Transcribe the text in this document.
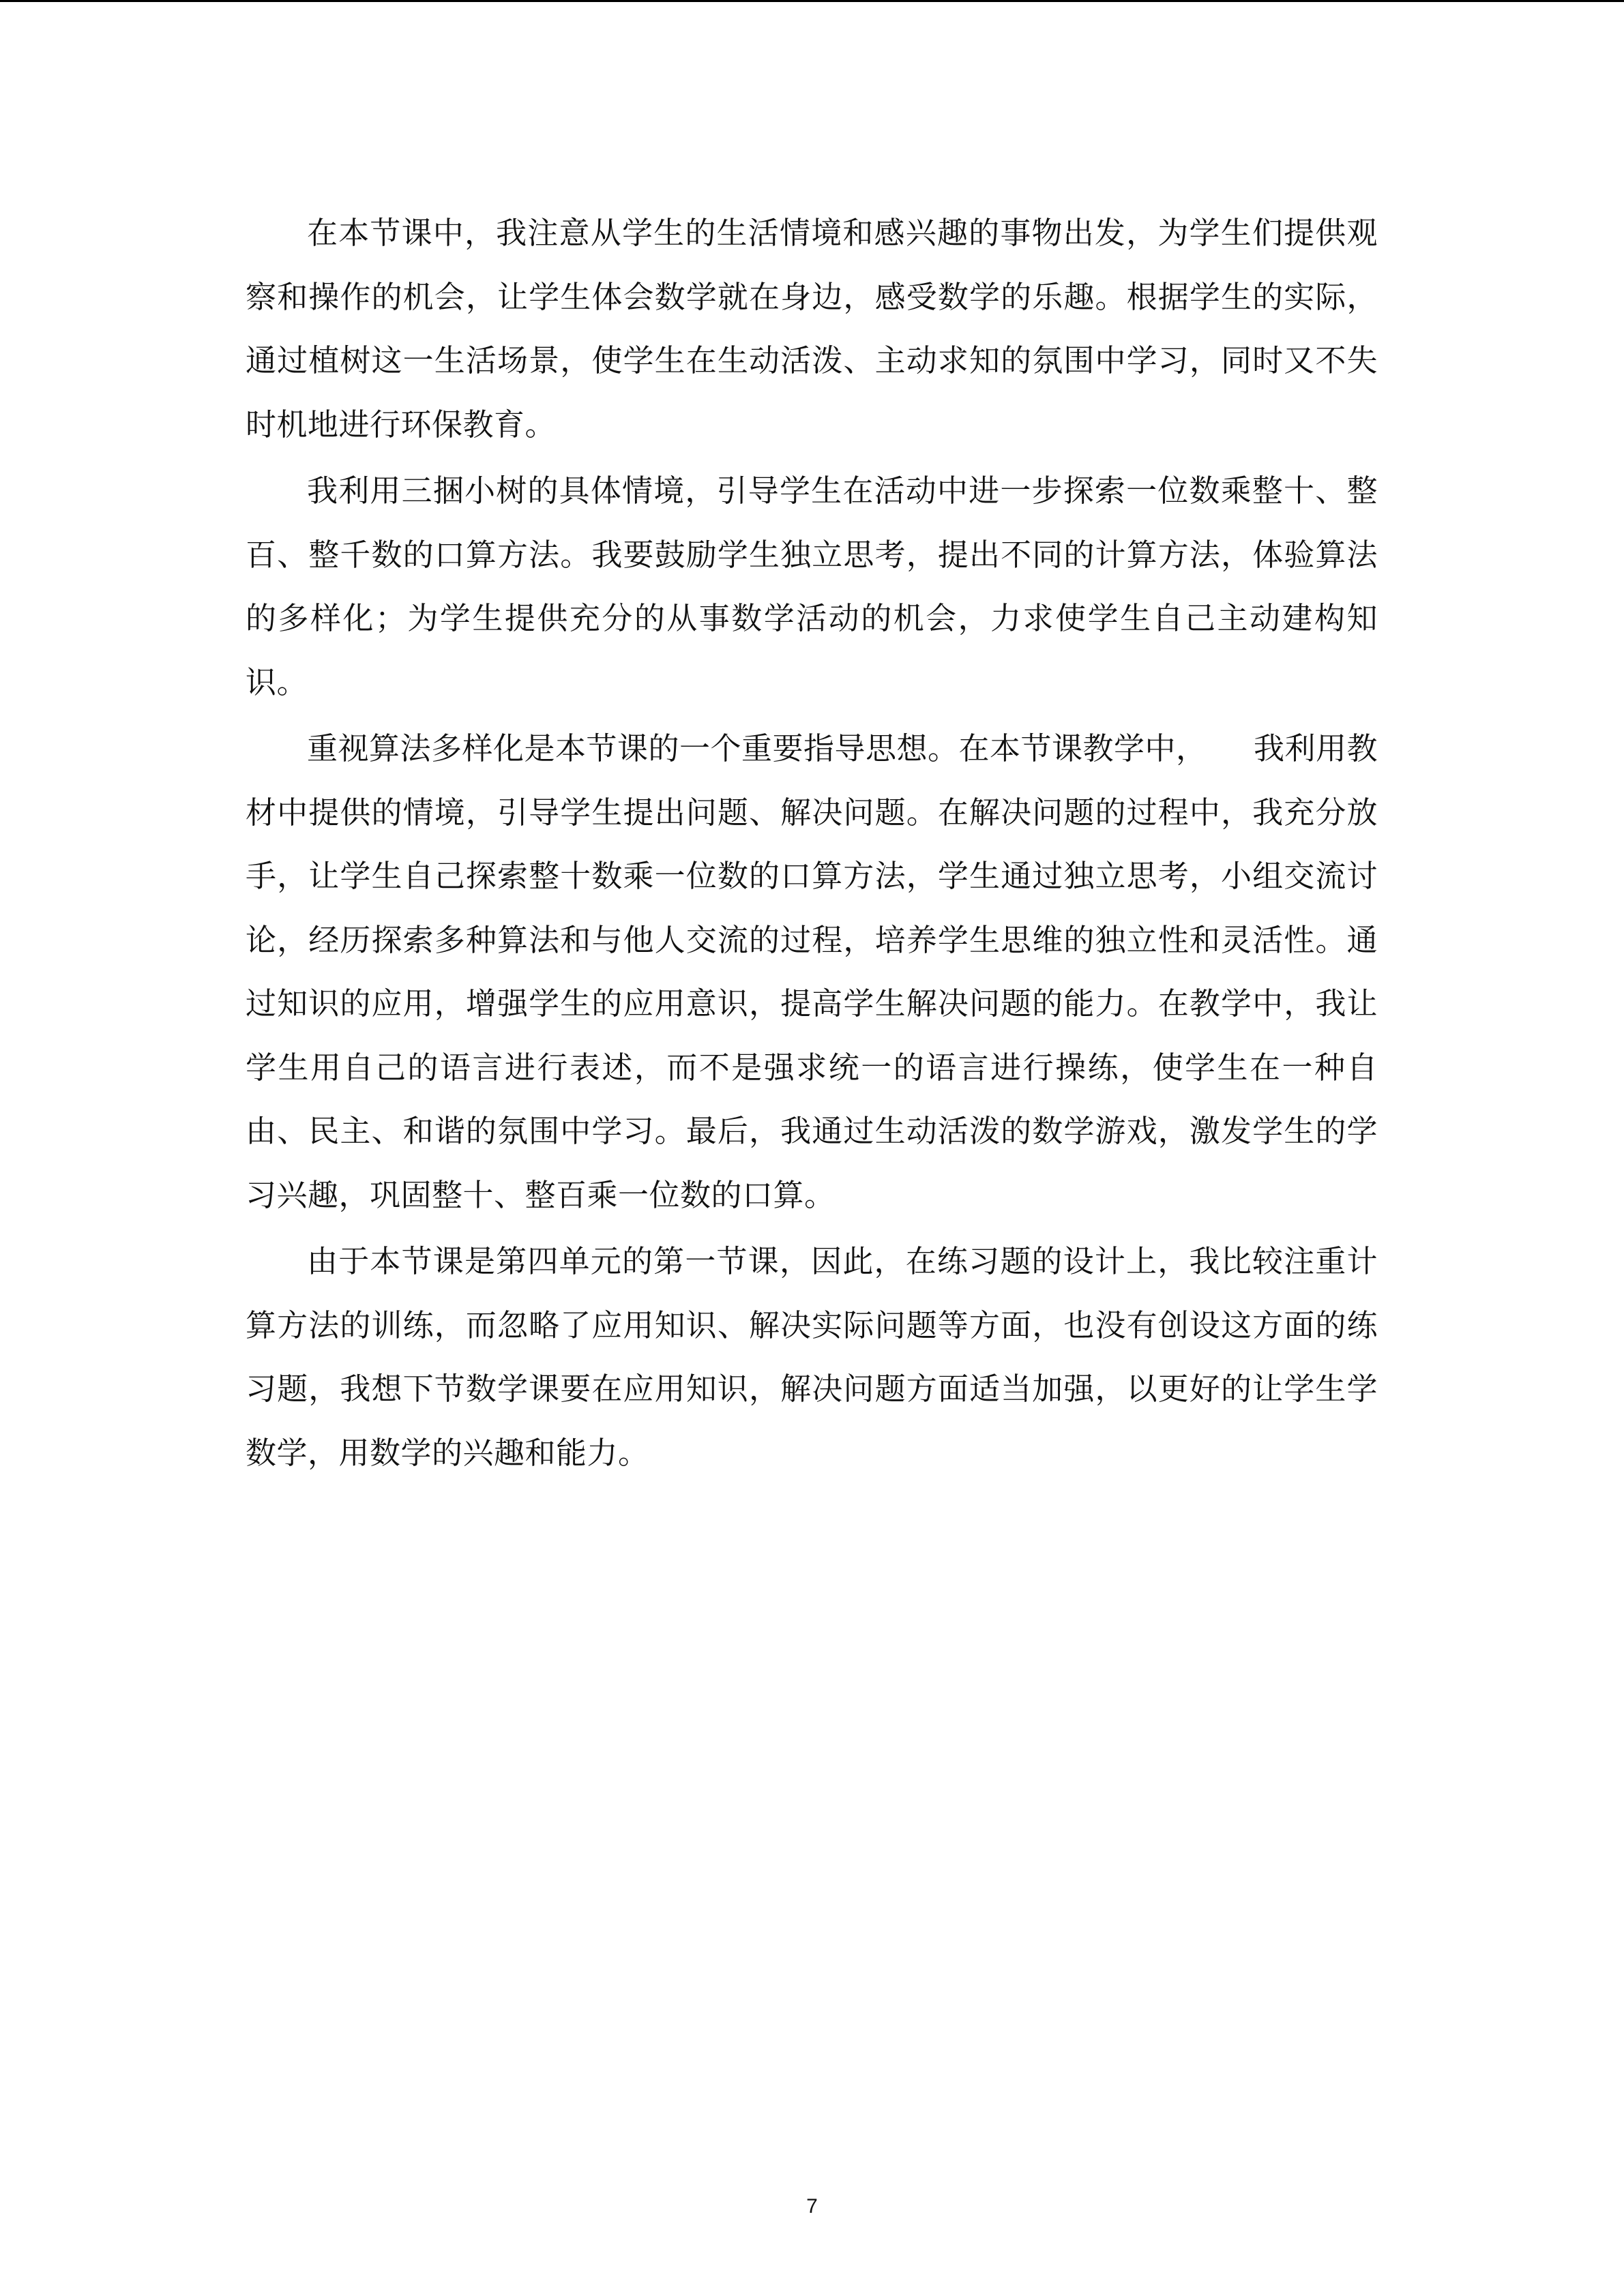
在本节课中，我注意从学生的生活情境和感兴趣的事物出发，为学生们提供观察和操作的机会，让学生体会数学就在身边，感受数学的乐趣。根据学生的实际，通过植树这一生活场景，使学生在生动活泼、主动求知的氛围中学习，同时又不失时机地进行环保教育。

我利用三捆小树的具体情境，引导学生在活动中进一步探索一位数乘整十、整百、整千数的口算方法。我要鼓励学生独立思考，提出不同的计算方法，体验算法的多样化；为学生提供充分的从事数学活动的机会，力求使学生自己主动建构知识。

重视算法多样化是本节课的一个重要指导思想。在本节课教学中，　　我利用教材中提供的情境，引导学生提出问题、解决问题。在解决问题的过程中，我充分放手，让学生自己探索整十数乘一位数的口算方法，学生通过独立思考，小组交流讨论，经历探索多种算法和与他人交流的过程，培养学生思维的独立性和灵活性。通过知识的应用，增强学生的应用意识，提高学生解决问题的能力。在教学中，我让学生用自己的语言进行表述，而不是强求统一的语言进行操练，使学生在一种自由、民主、和谐的氛围中学习。最后，我通过生动活泼的数学游戏，激发学生的学习兴趣，巩固整十、整百乘一位数的口算。

由于本节课是第四单元的第一节课，因此，在练习题的设计上，我比较注重计算方法的训练，而忽略了应用知识、解决实际问题等方面，也没有创设这方面的练习题，我想下节数学课要在应用知识，解决问题方面适当加强，以更好的让学生学数学，用数学的兴趣和能力。

7
